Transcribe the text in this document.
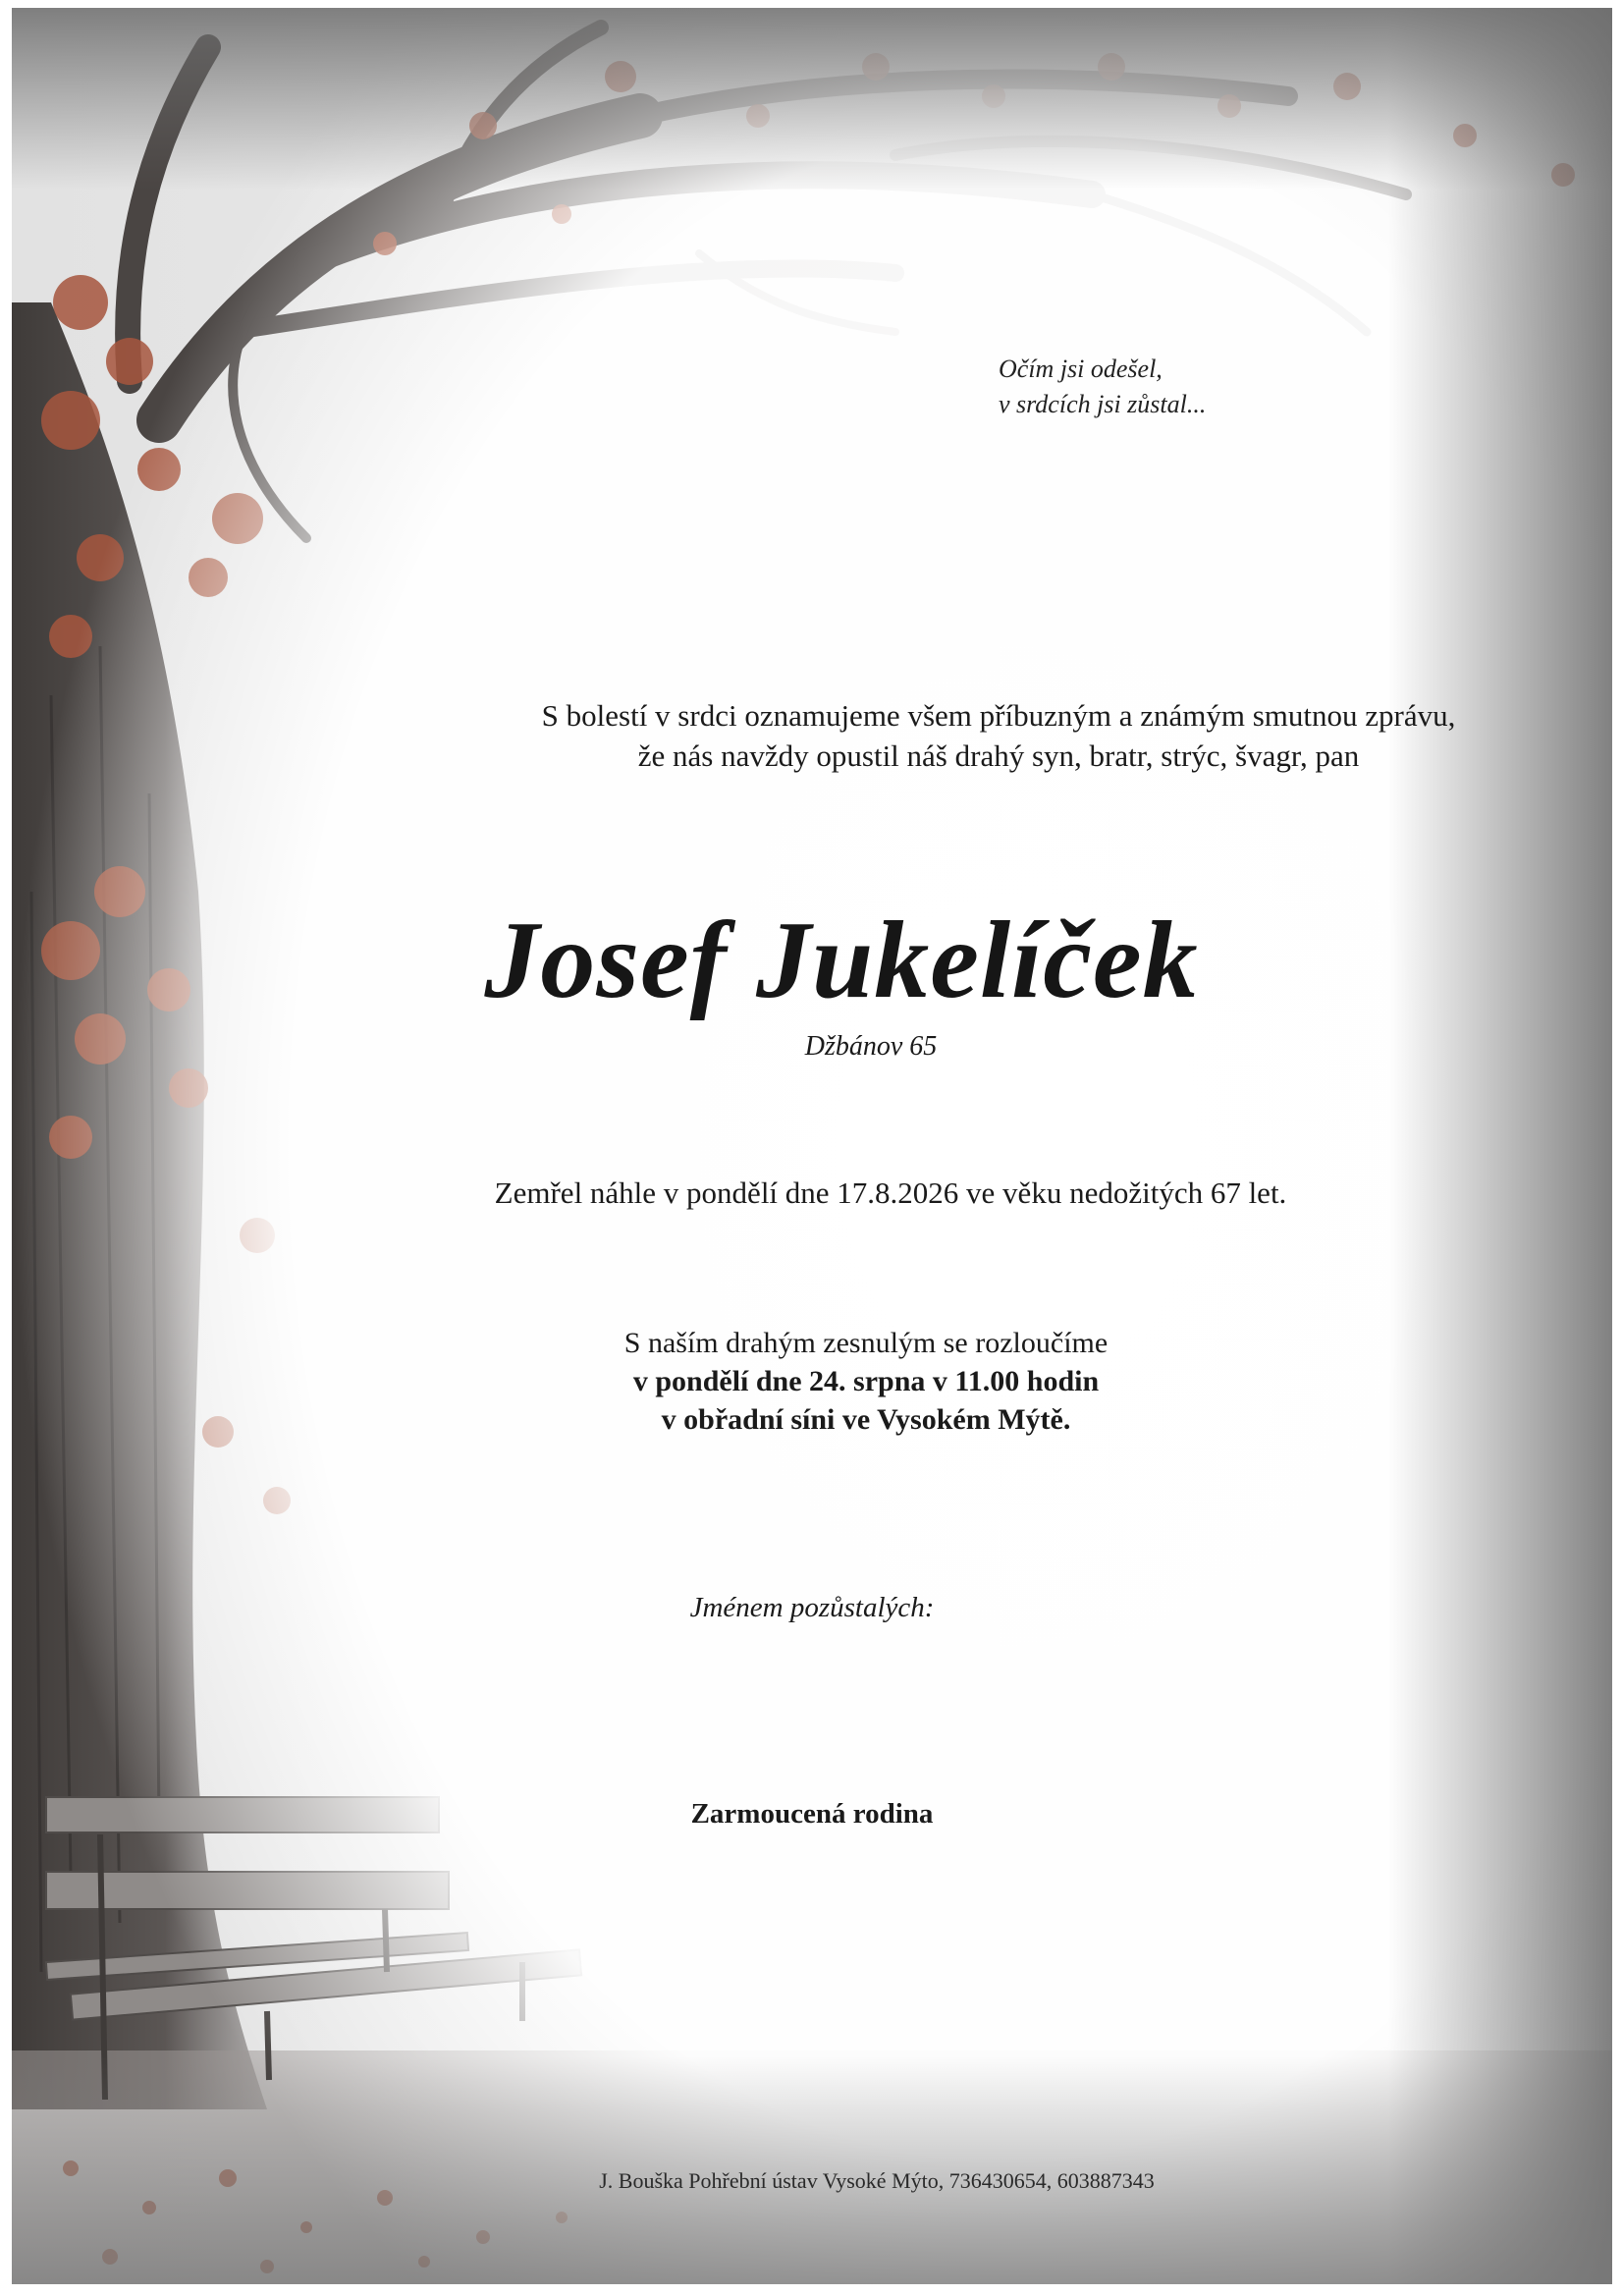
Očím jsi odešel,
v srdcích jsi zůstal...
S bolestí v srdci oznamujeme všem příbuzným a známým smutnou zprávu,
že nás navždy opustil náš drahý syn, bratr, strýc, švagr, pan
Josef Jukelíček
Džbánov 65
Zemřel náhle v pondělí dne 17.8.2026 ve věku nedožitých 67 let.
S naším drahým zesnulým se rozloučíme
v pondělí dne 24. srpna v 11.00 hodin
v obřadní síni ve Vysokém Mýtě.
Jménem pozůstalých:
Zarmoucená rodina
J. Bouška Pohřební ústav Vysoké Mýto, 736430654, 603887343
